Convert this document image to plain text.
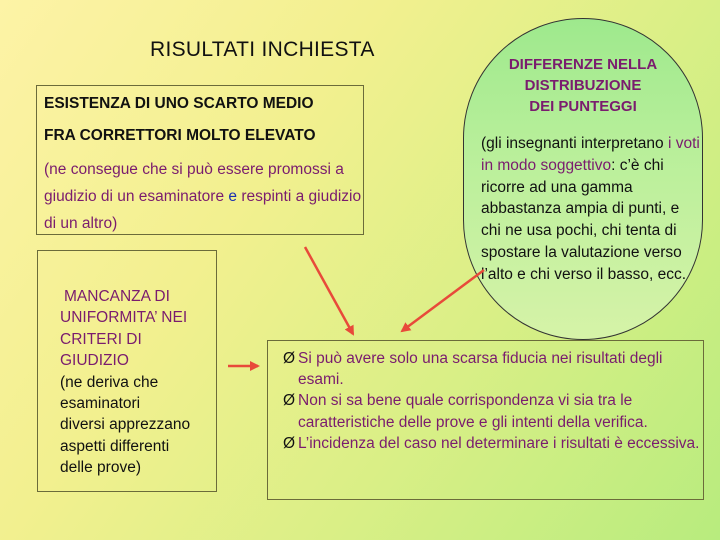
RISULTATI INCHIESTA
ESISTENZA DI UNO SCARTO MEDIO
FRA CORRETTORI MOLTO ELEVATO
(ne consegue che si può essere promossi a giudizio di un esaminatore e respinti a giudizio di un altro)
MANCANZA DI
UNIFORMITA’ NEI
CRITERI DI
GIUDIZIO
(ne deriva che
esaminatori
diversi apprezzano
aspetti differenti
delle prove)
DIFFERENZE NELLA
DISTRIBUZIONE
DEI PUNTEGGI
(gli insegnanti interpretano i voti in modo soggettivo: c’è chi ricorre ad una gamma abbastanza ampia di punti, e chi ne usa pochi, chi tenta di spostare la valutazione verso l’alto e chi verso il basso, ecc.
Ø Si può avere solo una scarsa fiducia nei risultati degli esami.
Ø Non si sa bene quale corrispondenza vi sia tra le caratteristiche delle prove e gli intenti della verifica.
Ø L’incidenza del caso nel determinare i risultati è eccessiva.
